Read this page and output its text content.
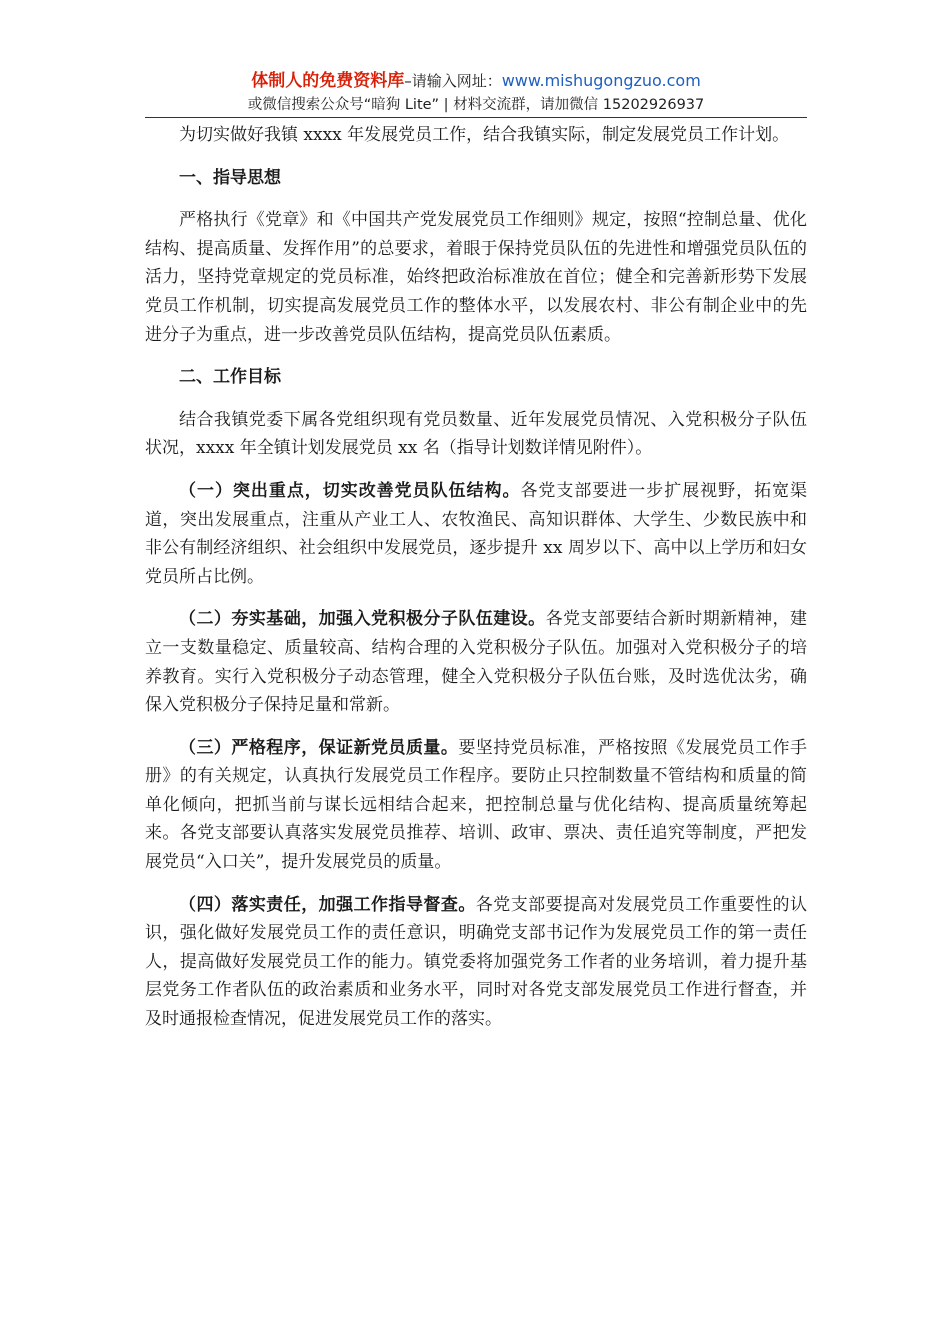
体制人的免费资料库–请输入网址：www.mishugongzuo.com
或微信搜索公众号“暗狗 Lite” | 材料交流群，请加微信 15202926937

为切实做好我镇 xxxx 年发展党员工作，结合我镇实际，制定发展党员工作计划。

一、指导思想

严格执行《党章》和《中国共产党发展党员工作细则》规定，按照“控制总量、优化结构、提高质量、发挥作用”的总要求，着眼于保持党员队伍的先进性和增强党员队伍的活力，坚持党章规定的党员标准，始终把政治标准放在首位；健全和完善新形势下发展党员工作机制，切实提高发展党员工作的整体水平，以发展农村、非公有制企业中的先进分子为重点，进一步改善党员队伍结构，提高党员队伍素质。

二、工作目标

结合我镇党委下属各党组织现有党员数量、近年发展党员情况、入党积极分子队伍状况，xxxx 年全镇计划发展党员 xx 名（指导计划数详情见附件）。

（一）突出重点，切实改善党员队伍结构。各党支部要进一步扩展视野，拓宽渠道，突出发展重点，注重从产业工人、农牧渔民、高知识群体、大学生、少数民族中和非公有制经济组织、社会组织中发展党员，逐步提升 xx 周岁以下、高中以上学历和妇女党员所占比例。

（二）夯实基础，加强入党积极分子队伍建设。各党支部要结合新时期新精神，建立一支数量稳定、质量较高、结构合理的入党积极分子队伍。加强对入党积极分子的培养教育。实行入党积极分子动态管理，健全入党积极分子队伍台账，及时选优汰劣，确保入党积极分子保持足量和常新。

（三）严格程序，保证新党员质量。要坚持党员标准，严格按照《发展党员工作手册》的有关规定，认真执行发展党员工作程序。要防止只控制数量不管结构和质量的简单化倾向，把抓当前与谋长远相结合起来，把控制总量与优化结构、提高质量统筹起来。各党支部要认真落实发展党员推荐、培训、政审、票决、责任追究等制度，严把发展党员“入口关”，提升发展党员的质量。

（四）落实责任，加强工作指导督查。各党支部要提高对发展党员工作重要性的认识，强化做好发展党员工作的责任意识，明确党支部书记作为发展党员工作的第一责任人，提高做好发展党员工作的能力。镇党委将加强党务工作者的业务培训，着力提升基层党务工作者队伍的政治素质和业务水平，同时对各党支部发展党员工作进行督查，并及时通报检查情况，促进发展党员工作的落实。
